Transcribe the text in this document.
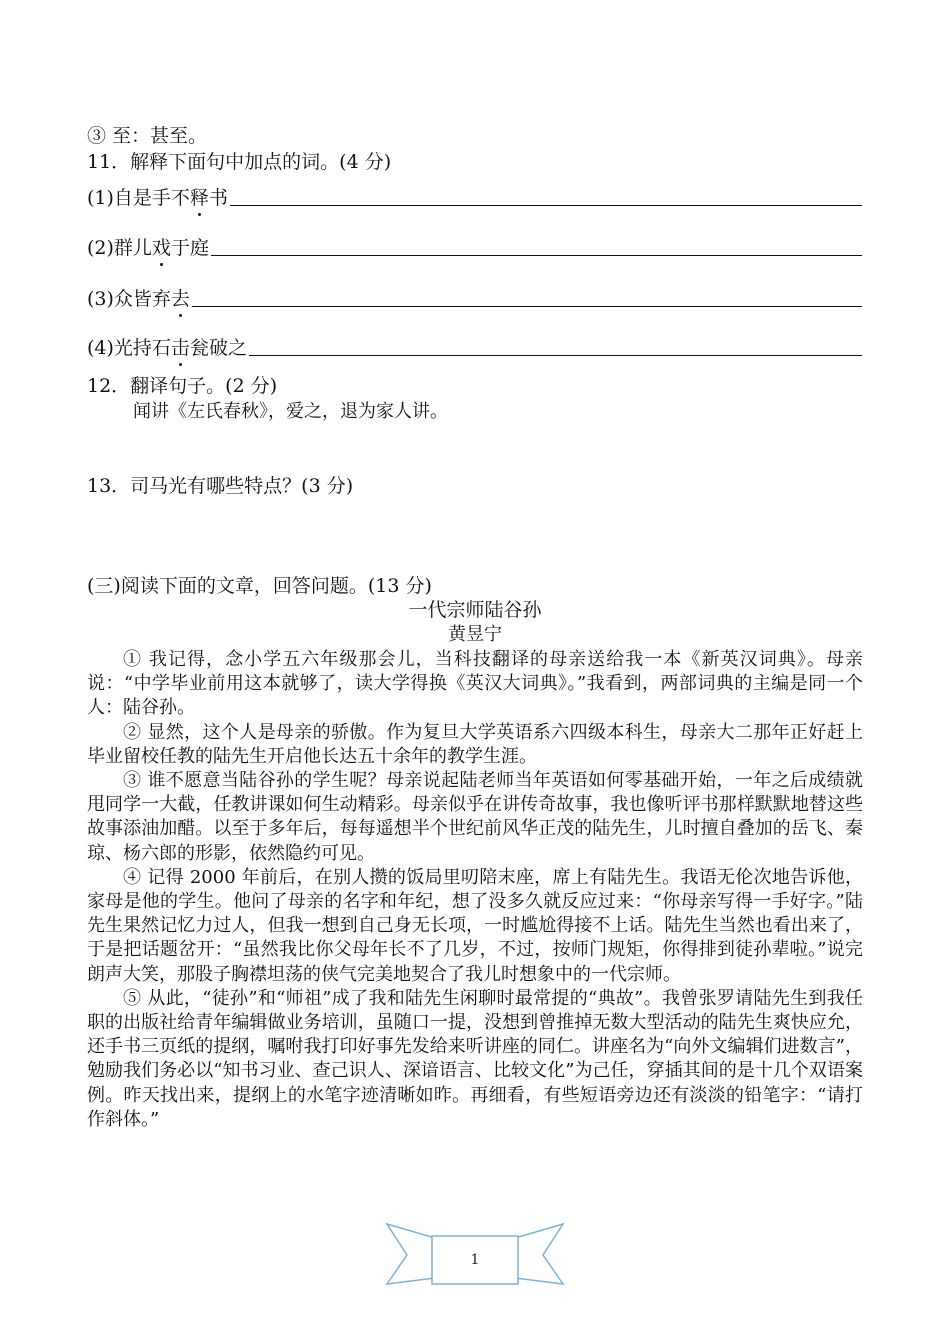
③ 至：甚至。
11．解释下面句中加点的词。(4 分)
(1)自是手不释书
(2)群儿戏于庭
(3)众皆弃去
(4)光持石击瓮破之
12．翻译句子。(2 分)
闻讲《左氏春秋》，爱之，退为家人讲。
13．司马光有哪些特点？(3 分)
(三)阅读下面的文章，回答问题。(13 分)
一代宗师陆谷孙
黄昱宁

① 我记得，念小学五六年级那会儿，当科技翻译的母亲送给我一本《新英汉词典》。母亲说：“中学毕业前用这本就够了，读大学得换《英汉大词典》。”我看到，两部词典的主编是同一个人：陆谷孙。

② 显然，这个人是母亲的骄傲。作为复旦大学英语系六四级本科生，母亲大二那年正好赶上毕业留校任教的陆先生开启他长达五十余年的教学生涯。

③ 谁不愿意当陆谷孙的学生呢？母亲说起陆老师当年英语如何零基础开始，一年之后成绩就甩同学一大截，任教讲课如何生动精彩。母亲似乎在讲传奇故事，我也像听评书那样默默地替这些故事添油加醋。以至于多年后，每每遥想半个世纪前风华正茂的陆先生，儿时擅自叠加的岳飞、秦琼、杨六郎的形影，依然隐约可见。

④ 记得 2000 年前后，在别人攒的饭局里叨陪末座，席上有陆先生。我语无伦次地告诉他，家母是他的学生。他问了母亲的名字和年纪，想了没多久就反应过来：“你母亲写得一手好字。”陆先生果然记忆力过人，但我一想到自己身无长项，一时尴尬得接不上话。陆先生当然也看出来了，于是把话题岔开：“虽然我比你父母年长不了几岁，不过，按师门规矩，你得排到徒孙辈啦。”说完朗声大笑，那股子胸襟坦荡的侠气完美地契合了我儿时想象中的一代宗师。

⑤ 从此，“徒孙”和“师祖”成了我和陆先生闲聊时最常提的“典故”。我曾张罗请陆先生到我任职的出版社给青年编辑做业务培训，虽随口一提，没想到曾推掉无数大型活动的陆先生爽快应允，还手书三页纸的提纲，嘱咐我打印好事先发给来听讲座的同仁。讲座名为“向外文编辑们进数言”，勉励我们务必以“知书习业、查己识人、深谙语言、比较文化”为己任，穿插其间的是十几个双语案例。昨天找出来，提纲上的水笔字迹清晰如昨。再细看，有些短语旁边还有淡淡的铅笔字：“请打作斜体。”

1
